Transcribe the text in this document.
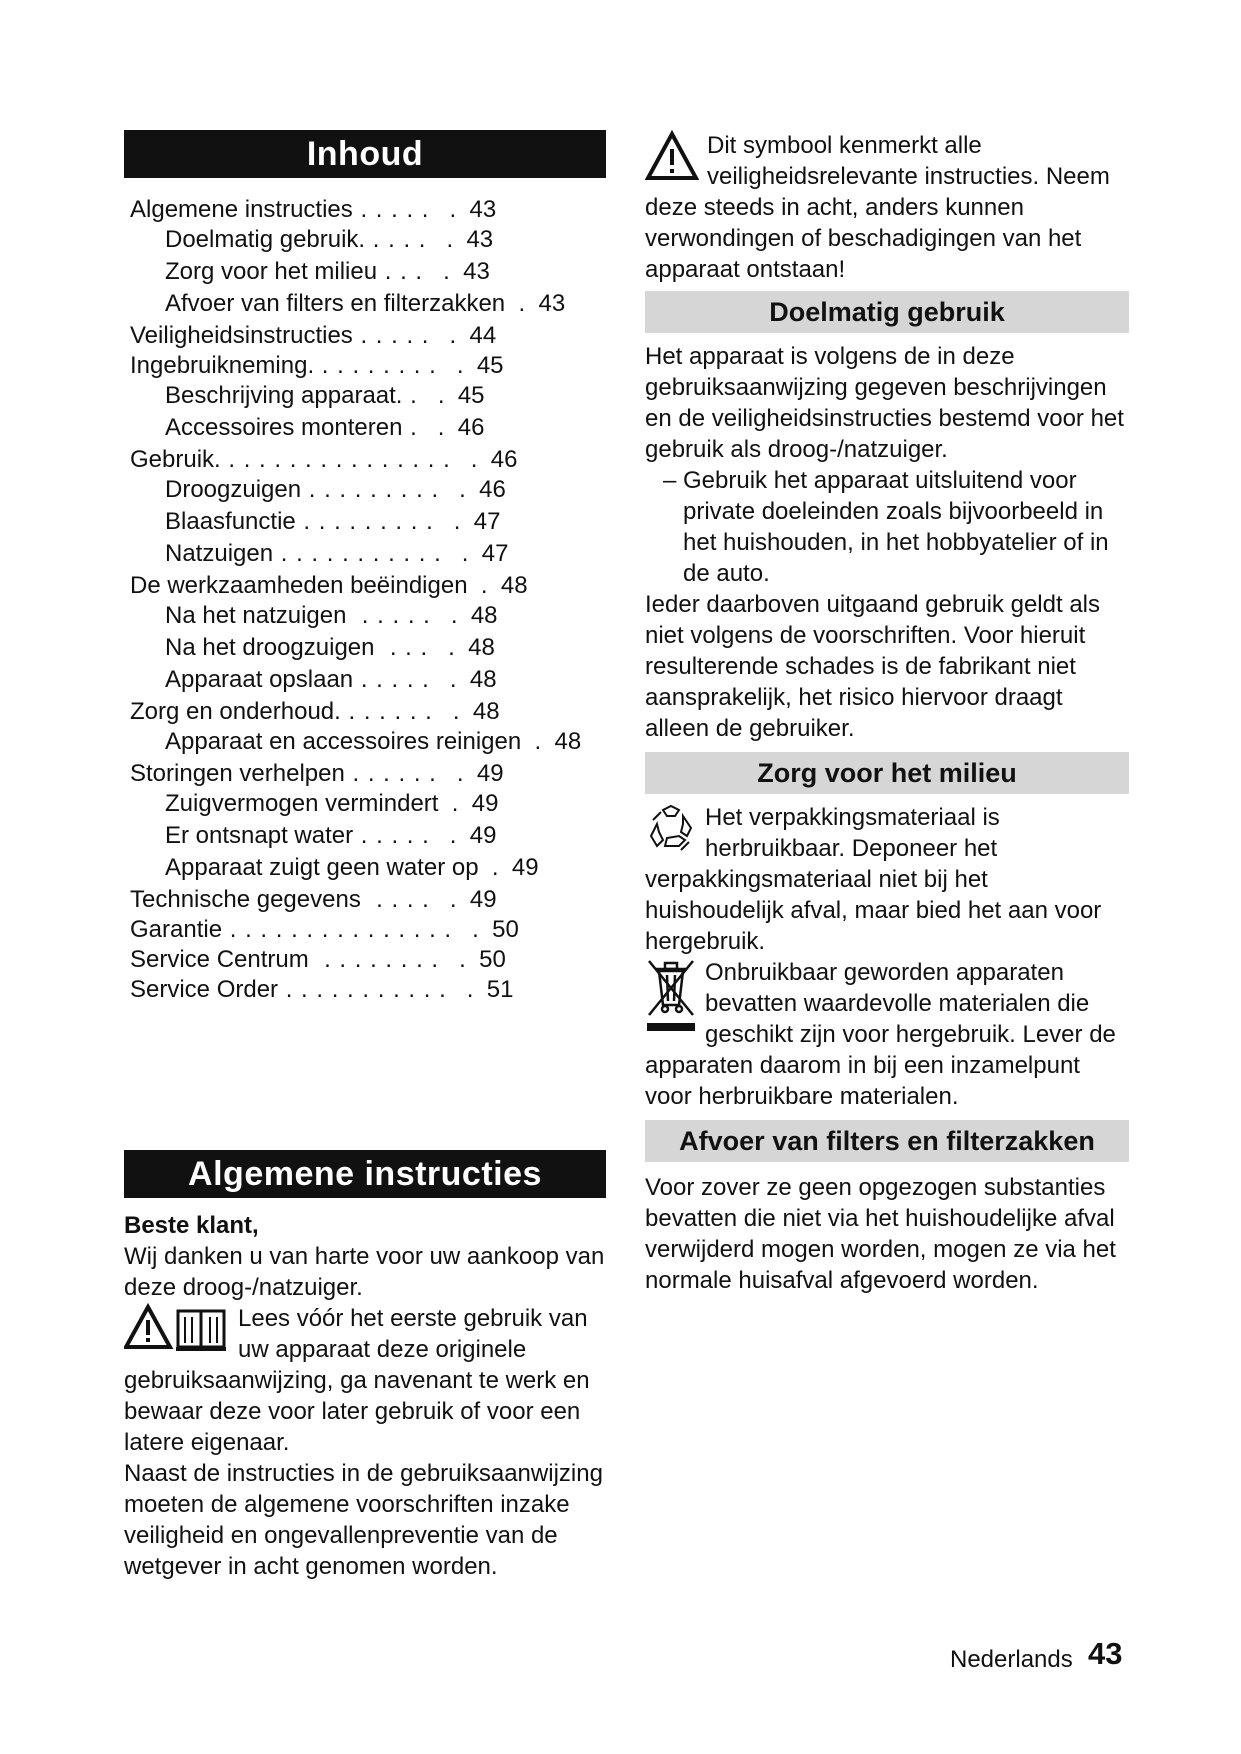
Inhoud
Algemene instructies . . . . . .  43
Doelmatig gebruik. . . . . .  43
Zorg voor het milieu . . . .  43
Afvoer van filters en filterzakken .  43
Veiligheidsinstructies . . . . . .  44
Ingebruikneming. . . . . . . . . .  45
Beschrijving apparaat. . .  45
Accessoires monteren . .  46
Gebruik. . . . . . . . . . . . . . . . .  46
Droogzuigen . . . . . . . . . .  46
Blaasfunctie . . . . . . . . . .  47
Natzuigen . . . . . . . . . . . .  47
De werkzaamheden beëindigen .  48
Na het natzuigen . . . . . .  48
Na het droogzuigen . . . .  48
Apparaat opslaan . . . . . .  48
Zorg en onderhoud. . . . . . . .  48
Apparaat en accessoires reinigen .  48
Storingen verhelpen . . . . . . .  49
Zuigvermogen vermindert .  49
Er ontsnapt water . . . . . .  49
Apparaat zuigt geen water op .  49
Technische gegevens . . . . .  49
Garantie . . . . . . . . . . . . . . . .  50
Service Centrum . . . . . . . . .  50
Service Order . . . . . . . . . . . .  51
Algemene instructies

Beste klant,

Wij danken u van harte voor uw aankoop van deze droog-/natzuiger.

Lees vóór het eerste gebruik van uw apparaat deze originele gebruiksaanwijzing, ga navenant te werk en bewaar deze voor later gebruik of voor een latere eigenaar.

Naast de instructies in de gebruiksaanwijzing moeten de algemene voorschriften inzake veiligheid en ongevallenpreventie van de wetgever in acht genomen worden.

Dit symbool kenmerkt alle veiligheidsrelevante instructies. Neem deze steeds in acht, anders kunnen verwondingen of beschadigingen van het apparaat ontstaan!

Doelmatig gebruik

Het apparaat is volgens de in deze gebruiksaanwijzing gegeven beschrijvingen en de veiligheidsinstructies bestemd voor het gebruik als droog-/natzuiger.

– Gebruik het apparaat uitsluitend voor private doeleinden zoals bijvoorbeeld in het huishouden, in het hobbyatelier of in de auto.

Ieder daarboven uitgaand gebruik geldt als niet volgens de voorschriften. Voor hieruit resulterende schades is de fabrikant niet aansprakelijk, het risico hiervoor draagt alleen de gebruiker.

Zorg voor het milieu

Het verpakkingsmateriaal is herbruikbaar. Deponeer het verpakkingsmateriaal niet bij het huishoudelijk afval, maar bied het aan voor hergebruik.

Onbruikbaar geworden apparaten bevatten waardevolle materialen die geschikt zijn voor hergebruik. Lever de apparaten daarom in bij een inzamelpunt voor herbruikbare materialen.

Afvoer van filters en filterzakken

Voor zover ze geen opgezogen substanties bevatten die niet via het huishoudelijke afval verwijderd mogen worden, mogen ze via het normale huisafval afgevoerd worden.

Nederlands 43
